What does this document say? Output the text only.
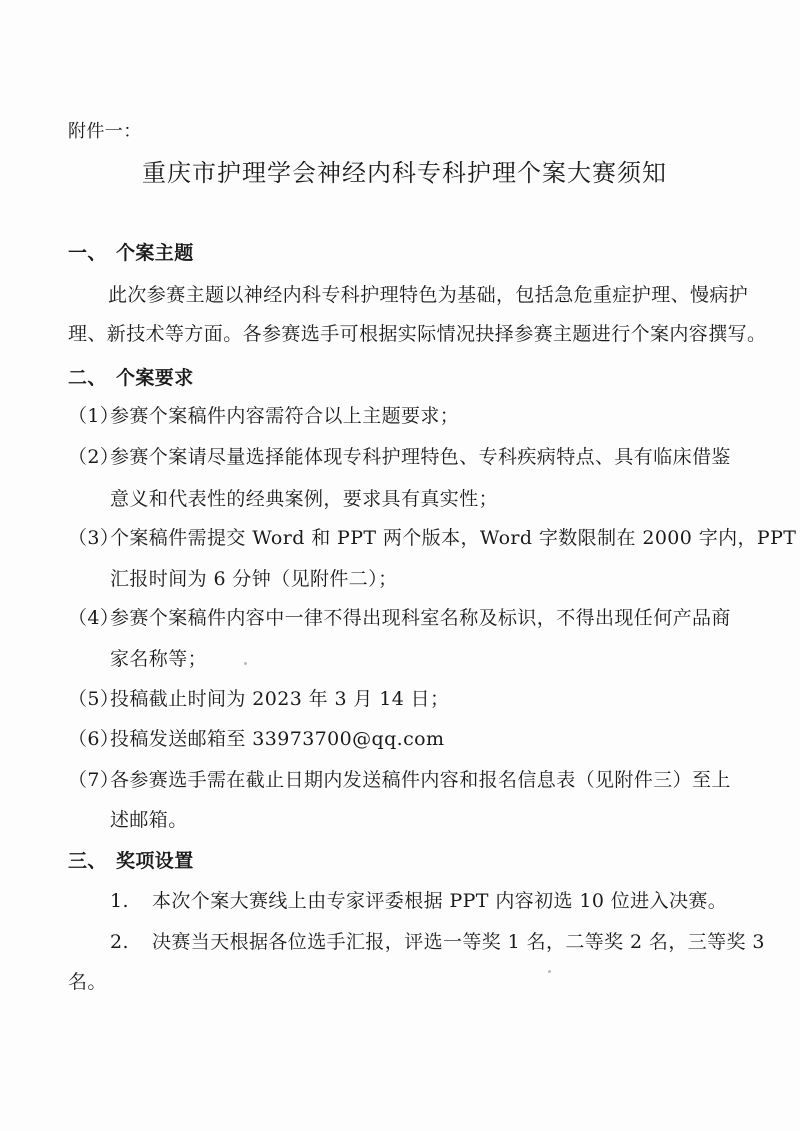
附件一：
重庆市护理学会神经内科专科护理个案大赛须知
一、 个案主题
此次参赛主题以神经内科专科护理特色为基础，包括急危重症护理、慢病护
理、新技术等方面。各参赛选手可根据实际情况抉择参赛主题进行个案内容撰写。
二、 个案要求
（1）参赛个案稿件内容需符合以上主题要求；
（2）参赛个案请尽量选择能体现专科护理特色、专科疾病特点、具有临床借鉴
意义和代表性的经典案例，要求具有真实性；
（3）个案稿件需提交 Word 和 PPT 两个版本，Word 字数限制在 2000 字内，PPT
汇报时间为 6 分钟（见附件二）；
（4）参赛个案稿件内容中一律不得出现科室名称及标识，不得出现任何产品商
家名称等；
（5）投稿截止时间为 2023 年 3 月 14 日；
（6）投稿发送邮箱至 33973700@qq.com
（7）各参赛选手需在截止日期内发送稿件内容和报名信息表（见附件三）至上
述邮箱。
三、 奖项设置
1. 本次个案大赛线上由专家评委根据 PPT 内容初选 10 位进入决赛。
2. 决赛当天根据各位选手汇报，评选一等奖 1 名，二等奖 2 名，三等奖 3
名。
